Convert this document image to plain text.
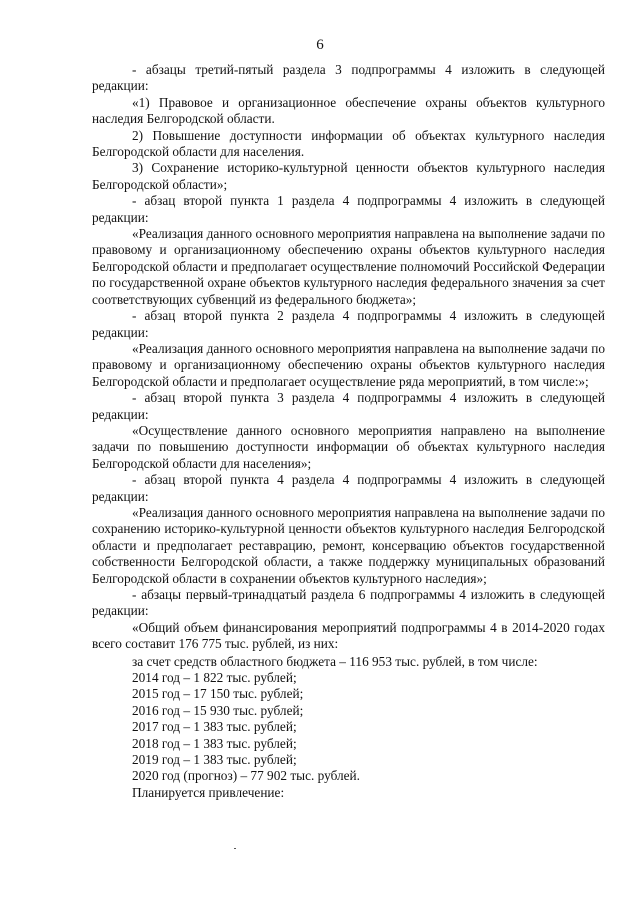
6

- абзацы третий-пятый раздела 3 подпрограммы 4 изложить в следующей редакции:

«1) Правовое и организационное обеспечение охраны объектов культурного наследия Белгородской области.

2) Повышение доступности информации об объектах культурного наследия Белгородской области для населения.

3) Сохранение историко-культурной ценности объектов культурного наследия Белгородской области»;

- абзац второй пункта 1 раздела 4 подпрограммы 4 изложить в следующей редакции:

«Реализация данного основного мероприятия направлена на выполнение задачи по правовому и организационному обеспечению охраны объектов культурного наследия Белгородской области и предполагает осуществление полномочий Российской Федерации по государственной охране объектов культурного наследия федерального значения за счет соответствующих субвенций из федерального бюджета»;

- абзац второй пункта 2 раздела 4 подпрограммы 4 изложить в следующей редакции:

«Реализация данного основного мероприятия направлена на выполнение задачи по правовому и организационному обеспечению охраны объектов культурного наследия Белгородской области и предполагает осуществление ряда мероприятий, в том числе:»;

- абзац второй пункта 3 раздела 4 подпрограммы 4 изложить в следующей редакции:

«Осуществление данного основного мероприятия направлено на выполнение задачи по повышению доступности информации об объектах культурного наследия Белгородской области для населения»;

- абзац второй пункта 4 раздела 4 подпрограммы 4 изложить в следующей редакции:

«Реализация данного основного мероприятия направлена на выполнение задачи по сохранению историко-культурной ценности объектов культурного наследия Белгородской области и предполагает реставрацию, ремонт, консервацию объектов государственной собственности Белгородской области, а также поддержку муниципальных образований Белгородской области в сохранении объектов культурного наследия»;

- абзацы первый-тринадцатый раздела 6 подпрограммы 4 изложить в следующей редакции:

«Общий объем финансирования мероприятий подпрограммы 4 в 2014-2020 годах всего составит 176 775 тыс. рублей, из них:

за счет средств областного бюджета – 116 953 тыс. рублей, в том числе:

2014 год – 1 822 тыс. рублей;

2015 год – 17 150 тыс. рублей;

2016 год – 15 930 тыс. рублей;

2017 год – 1 383 тыс. рублей;

2018 год – 1 383 тыс. рублей;

2019 год – 1 383 тыс. рублей;

2020 год (прогноз) – 77 902 тыс. рублей.

Планируется привлечение:
